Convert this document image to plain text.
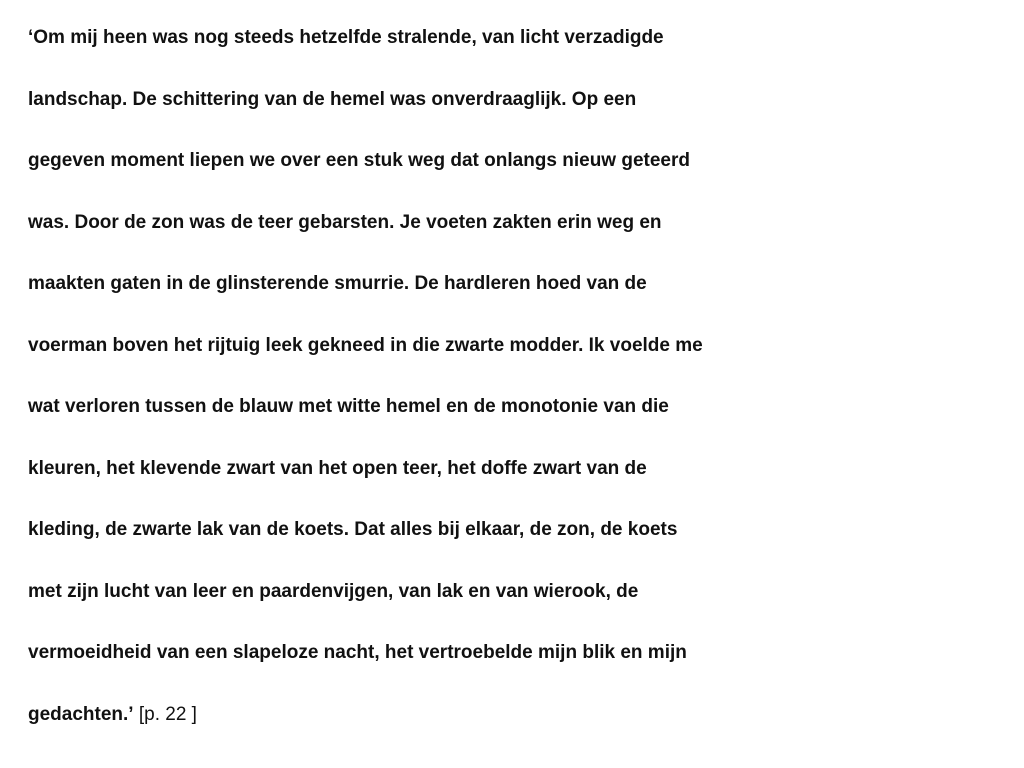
‘Om mij heen was nog steeds hetzelfde stralende, van licht verzadigde
landschap. De schittering van de hemel was onverdraaglijk. Op een
gegeven moment liepen we over een stuk weg dat onlangs nieuw geteerd
was. Door de zon was de teer gebarsten. Je voeten zakten erin weg en
maakten gaten in de glinsterende smurrie. De hardleren hoed van de
voerman boven het rijtuig leek gekneed in die zwarte modder. Ik voelde me
wat verloren tussen de blauw met witte hemel en de monotonie van die
kleuren, het klevende zwart van het open teer, het doffe zwart van de
kleding, de zwarte lak van de koets. Dat alles bij elkaar, de zon, de koets
met zijn lucht van leer en paardenvijgen, van lak en van wierook, de
vermoeidheid van een slapeloze nacht, het vertroebelde mijn blik en mijn
gedachten.’ [p. 22 ]
